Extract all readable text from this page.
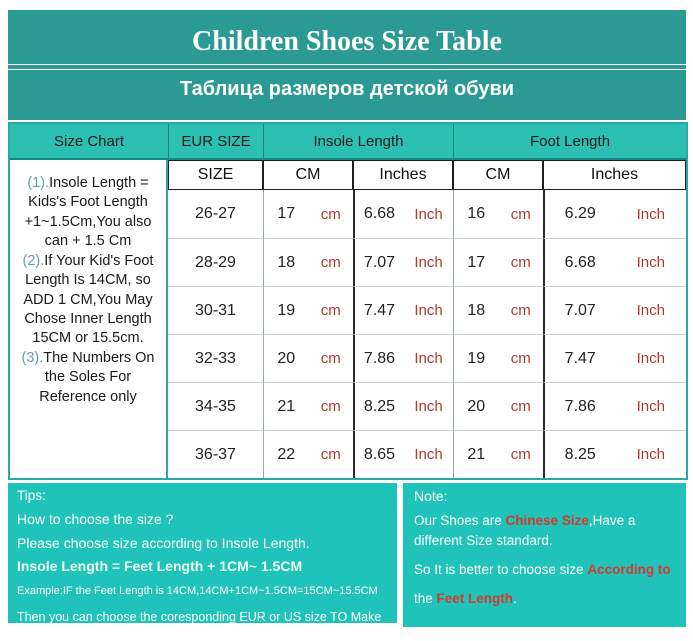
Children Shoes Size Table

Таблица размеров детской обуви

Size Chart	EUR SIZE	Insole Length	Foot Length

(1).Insole Length = Kids's Foot Length +1~1.5Cm,You also can + 1.5 Cm

(2).If Your Kid's Foot Length Is 14CM, so ADD 1 CM,You May Chose Inner Length 15CM or 15.5cm.

(3).The Numbers On the Soles For Reference only

SIZE	CM	Inches	CM	Inches
26-27	17	cm	6.68	Inch	16	cm	6.29	Inch
28-29	18	cm	7.07	Inch	17	cm	6.68	Inch
30-31	19	cm	7.47	Inch	18	cm	7.07	Inch
32-33	20	cm	7.86	Inch	19	cm	7.47	Inch
34-35	21	cm	8.25	Inch	20	cm	7.86	Inch
36-37	22	cm	8.65	Inch	21	cm	8.25	Inch

Tips:

How to choose the size ?

Please choose size according to Insole Length.

Insole Length = Feet Length + 1CM~ 1.5CM

Example:IF the Feet Length is 14CM,14CM+1CM~1.5CM=15CM~15.5CM

Then you can choose the coresponding EUR or US size TO Make order.

Note:

Our Shoes are Chinese Size,Have a different Size standard.

So It is better to choose size According to

the Feet Length.
